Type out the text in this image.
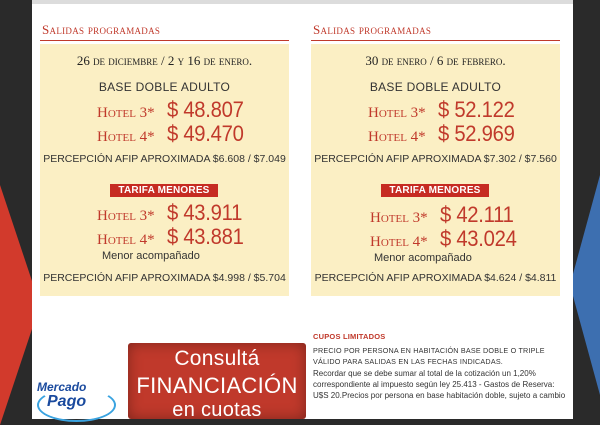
Salidas programadas
26 de diciembre / 2 y 16 de enero.
BASE DOBLE ADULTO
Hotel 3* $ 48.807
Hotel 4* $ 49.470
PERCEPCIÓN AFIP APROXIMADA $6.608 / $7.049
TARIFA MENORES
Hotel 3* $ 43.911
Hotel 4* $ 43.881
Menor acompañado
PERCEPCIÓN AFIP APROXIMADA $4.998 / $5.704
Salidas programadas
30 de enero / 6 de febrero.
BASE DOBLE ADULTO
Hotel 3* $ 52.122
Hotel 4* $ 52.969
PERCEPCIÓN AFIP APROXIMADA $7.302 / $7.560
TARIFA MENORES
Hotel 3* $ 42.111
Hotel 4* $ 43.024
Menor acompañado
PERCEPCIÓN AFIP APROXIMADA $4.624 / $4.811
Mercado
Pago
Consultá
FINANCIACIÓN
en cuotas
CUPOS LIMITADOS
PRECIO POR PERSONA EN HABITACIÓN BASE DOBLE O TRIPLE
VÁLIDO PARA SALIDAS EN LAS FECHAS INDICADAS.
Recordar que se debe sumar al total de la cotización un 1,20%
correspondiente al impuesto según ley 25.413 - Gastos de Reserva:
U$S 20.Precios por persona en base habitación doble, sujeto a cambio
